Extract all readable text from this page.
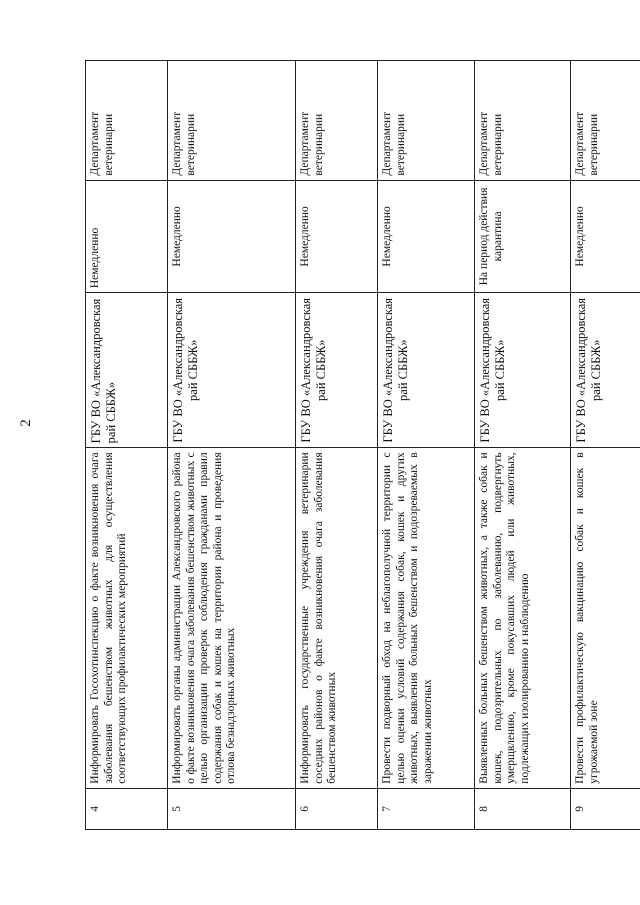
2
4	Информировать Госохотинспекцию о факте возникновения очага заболевания бешенством животных для осуществления соответствующих профилактических мероприятий	ГБУ ВО «Александровская рай СББЖ»	Немедленно	Департамент ветеринарии
5	Информировать органы администрации Александровского района о факте возникновения очага заболевания бешенством животных с целью организации проверок соблюдения гражданами правил содержания собак и кошек на территории района и проведения отлова безнадзорных животных	ГБУ ВО «Александровская рай СББЖ»	Немедленно	Департамент ветеринарии
6	Информировать государственные учреждения ветеринарии соседних районов о факте возникновения очага заболевания бешенством животных	ГБУ ВО «Александровская рай СББЖ»	Немедленно	Департамент ветеринарии
7	Провести подворный обход на неблагополучной территории с целью оценки условий содержания собак, кошек и других животных, выявления больных бешенством и подозреваемых в заражении животных	ГБУ ВО «Александровская рай СББЖ»	Немедленно	Департамент ветеринарии
8	Выявленных больных бешенством животных, а также собак и кошек, подозрительных по заболеванию, подвергнуть умерщвлению, кроме покусавших людей или животных, подлежащих изолированию и наблюдению	ГБУ ВО «Александровская рай СББЖ»	На период действия карантина	Департамент ветеринарии
9	Провести профилактическую вакцинацию собак и кошек в угрожаемой зоне	ГБУ ВО «Александровская рай СББЖ»	Немедленно	Департамент ветеринарии
